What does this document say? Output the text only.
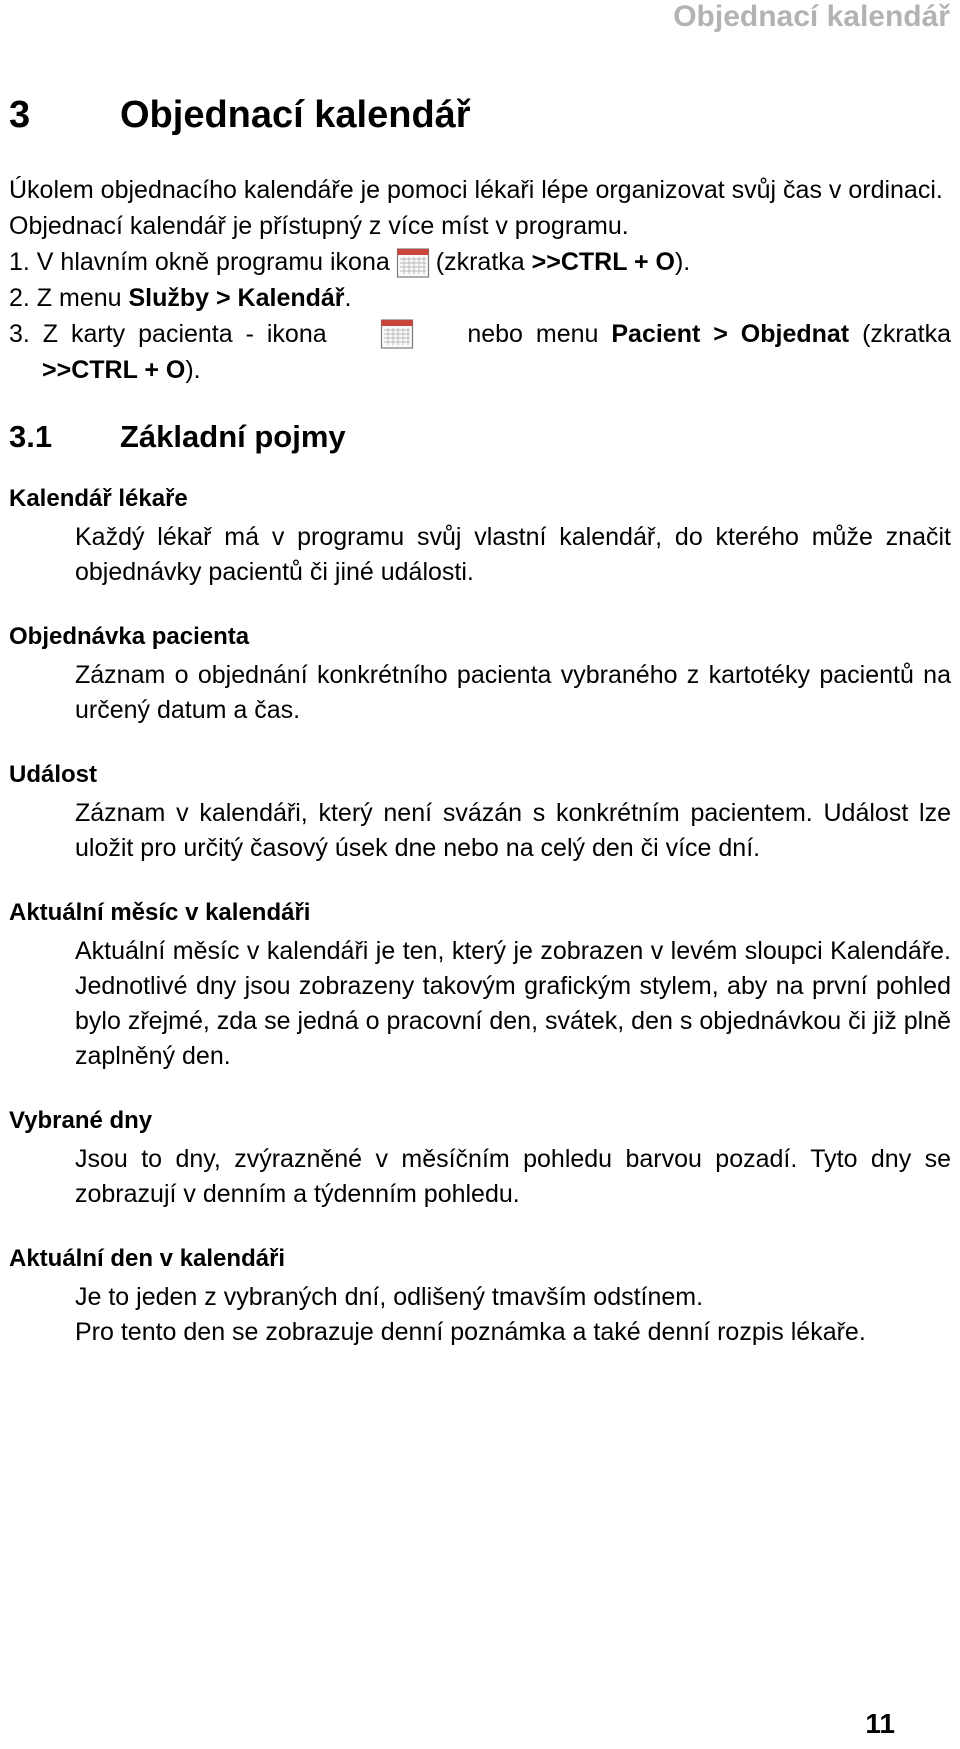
Objednací kalendář
3	Objednací kalendář

Úkolem objednacího kalendáře je pomoci lékaři lépe organizovat svůj čas v ordinaci.

Objednací kalendář je přístupný z více míst v programu.

1. V hlavním okně programu ikona (zkratka >>CTRL + O).
2. Z menu Služby > Kalendář.
3. Z karty pacienta - ikona	nebo menu Pacient > Objednat (zkratka
>>CTRL + O).
3.1	Základní pojmy
Kalendář lékaře
Každý lékař má v programu svůj vlastní kalendář, do kterého může značit objednávky pacientů či jiné události.
Objednávka pacienta
Záznam o objednání konkrétního pacienta vybraného z kartotéky pacientů na určený datum a čas.
Událost
Záznam v kalendáři, který není svázán s konkrétním pacientem. Událost lze uložit pro určitý časový úsek dne nebo na celý den či více dní.
Aktuální měsíc v kalendáři
Aktuální měsíc v kalendáři je ten, který je zobrazen v levém sloupci Kalendáře. Jednotlivé dny jsou zobrazeny takovým grafickým stylem, aby na první pohled bylo zřejmé, zda se jedná o pracovní den, svátek, den s objednávkou či již plně zaplněný den.
Vybrané dny
Jsou to dny, zvýrazněné v měsíčním pohledu barvou pozadí. Tyto dny se zobrazují v denním a týdenním pohledu.
Aktuální den v kalendáři
Je to jeden z vybraných dní, odlišený tmavším odstínem.
Pro tento den se zobrazuje denní poznámka a také denní rozpis lékaře.
11
